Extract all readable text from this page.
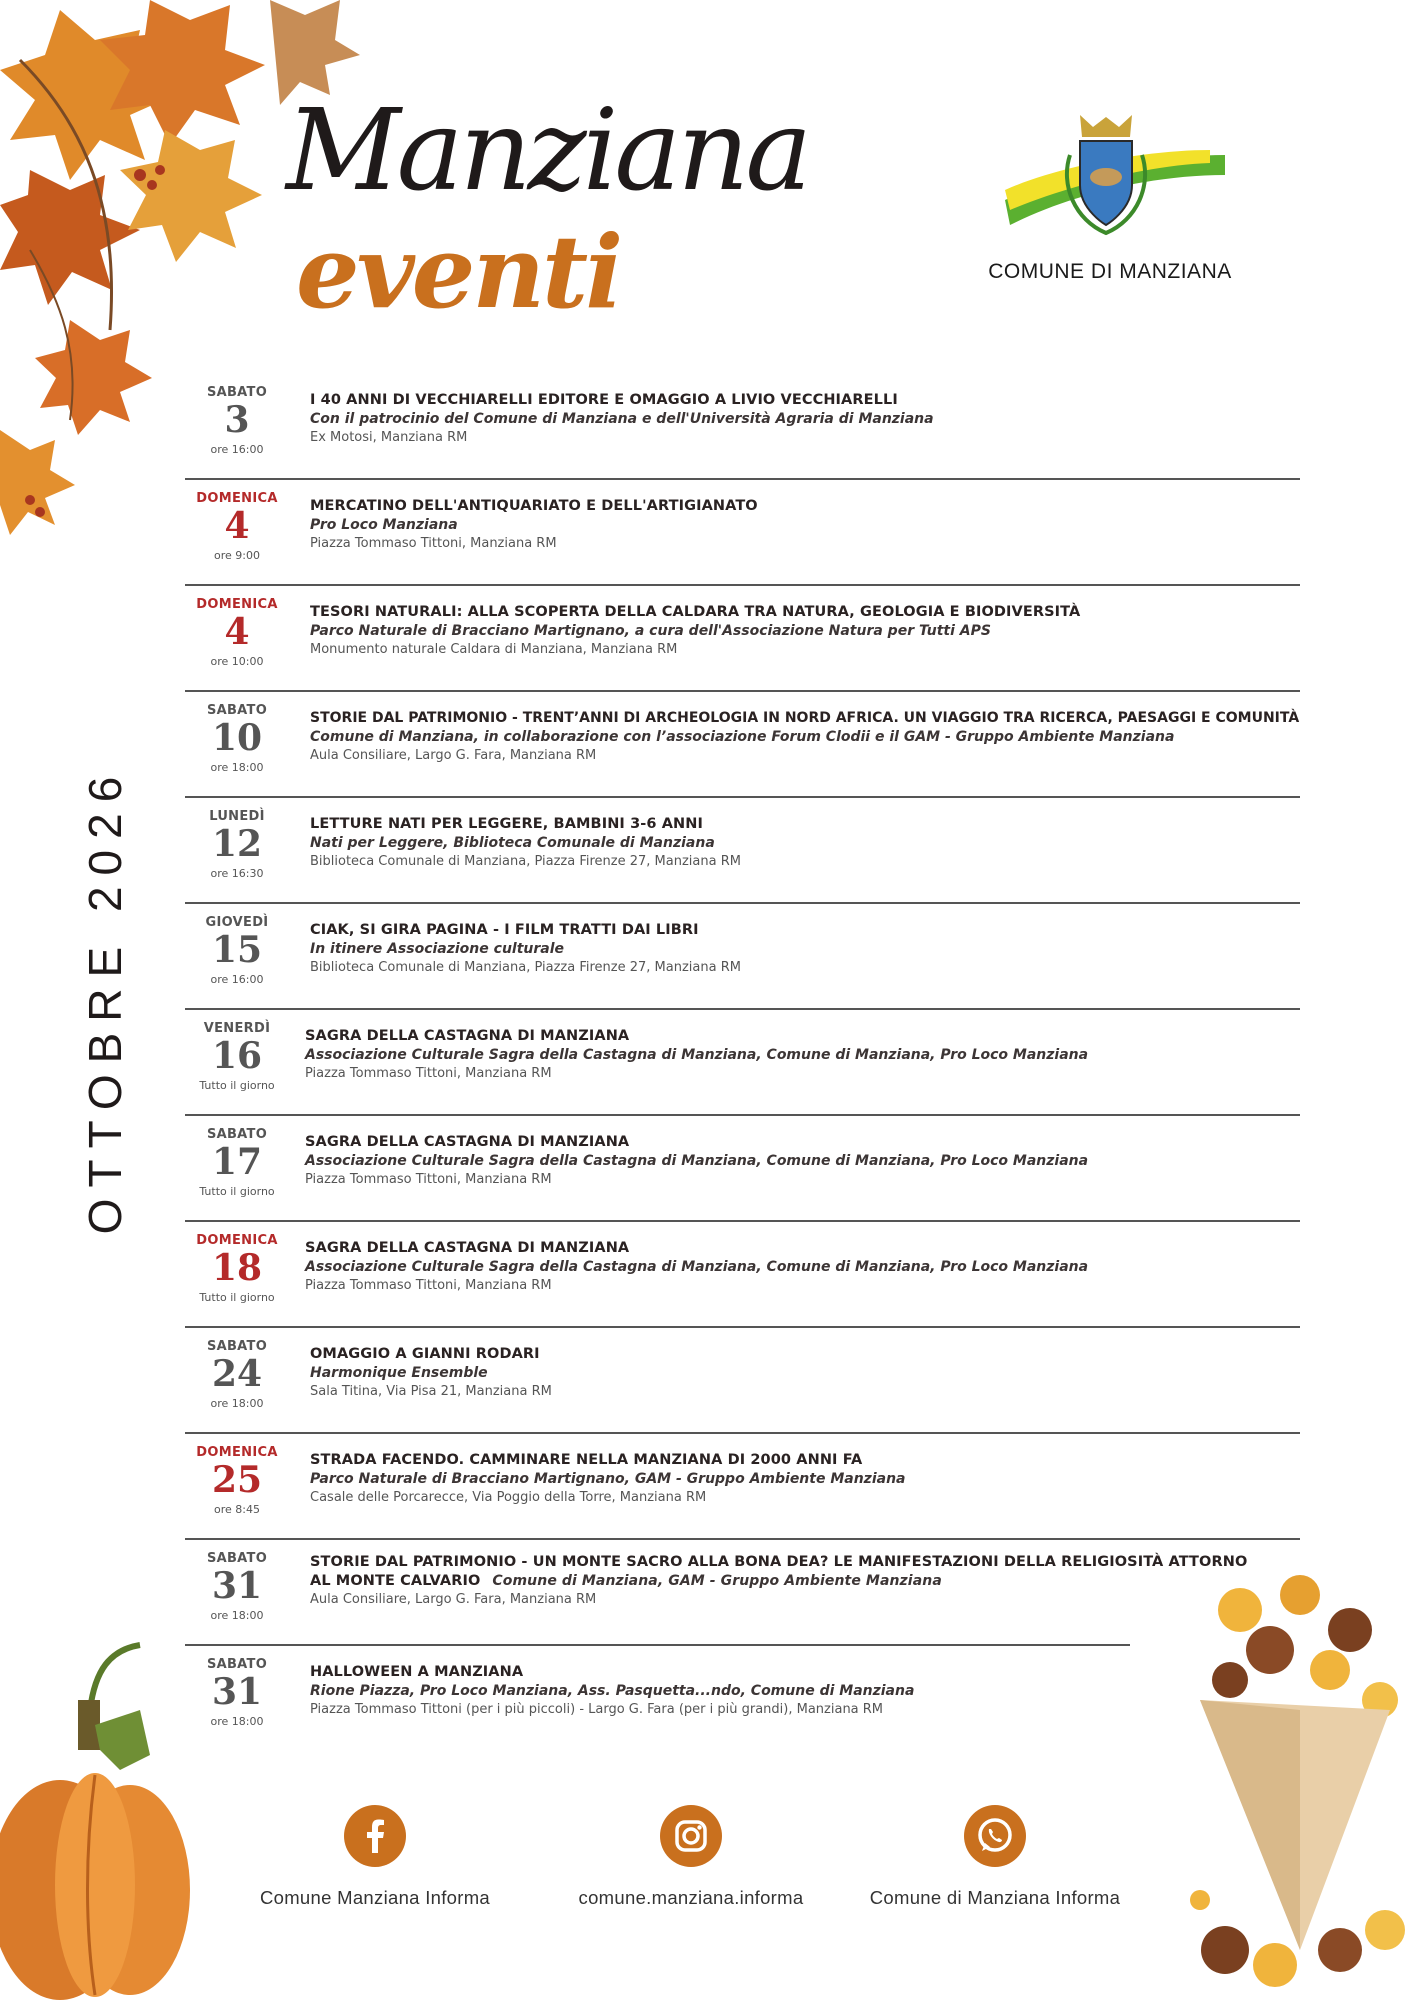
Manziana
eventi	COMUNE DI MANZIANA
OTTOBRE 2026
SABATO
3
ore 16:00
I 40 ANNI DI VECCHIARELLI EDITORE E OMAGGIO A LIVIO VECCHIARELLI
Con il patrocinio del Comune di Manziana e dell'Università Agraria di Manziana
Ex Motosi, Manziana RM
DOMENICA
4
ore 9:00
MERCATINO DELL'ANTIQUARIATO E DELL'ARTIGIANATO
Pro Loco Manziana
Piazza Tommaso Tittoni, Manziana RM
DOMENICA
4
ore 10:00
TESORI NATURALI: ALLA SCOPERTA DELLA CALDARA TRA NATURA, GEOLOGIA E BIODIVERSITÀ
Parco Naturale di Bracciano Martignano, a cura dell'Associazione Natura per Tutti APS
Monumento naturale Caldara di Manziana, Manziana RM
SABATO
10
ore 18:00
STORIE DAL PATRIMONIO - TRENT’ANNI DI ARCHEOLOGIA IN NORD AFRICA. UN VIAGGIO TRA RICERCA, PAESAGGI E COMUNITÀ
Comune di Manziana, in collaborazione con l’associazione Forum Clodii e il GAM - Gruppo Ambiente Manziana
Aula Consiliare, Largo G. Fara, Manziana RM
LUNEDÌ
12
ore 16:30
LETTURE NATI PER LEGGERE, BAMBINI 3-6 ANNI
Nati per Leggere, Biblioteca Comunale di Manziana
Biblioteca Comunale di Manziana, Piazza Firenze 27, Manziana RM
GIOVEDÌ
15
ore 16:00
CIAK, SI GIRA PAGINA - I FILM TRATTI DAI LIBRI
In itinere Associazione culturale
Biblioteca Comunale di Manziana, Piazza Firenze 27, Manziana RM
VENERDÌ
16
Tutto il giorno
SAGRA DELLA CASTAGNA DI MANZIANA
Associazione Culturale Sagra della Castagna di Manziana, Comune di Manziana, Pro Loco Manziana
Piazza Tommaso Tittoni, Manziana RM
SABATO
17
Tutto il giorno
SAGRA DELLA CASTAGNA DI MANZIANA
Associazione Culturale Sagra della Castagna di Manziana, Comune di Manziana, Pro Loco Manziana
Piazza Tommaso Tittoni, Manziana RM
DOMENICA
18
Tutto il giorno
SAGRA DELLA CASTAGNA DI MANZIANA
Associazione Culturale Sagra della Castagna di Manziana, Comune di Manziana, Pro Loco Manziana
Piazza Tommaso Tittoni, Manziana RM
SABATO
24
ore 18:00
OMAGGIO A GIANNI RODARI
Harmonique Ensemble
Sala Titina, Via Pisa 21, Manziana RM
DOMENICA
25
ore 8:45
STRADA FACENDO. CAMMINARE NELLA MANZIANA DI 2000 ANNI FA
Parco Naturale di Bracciano Martignano, GAM - Gruppo Ambiente Manziana
Casale delle Porcarecce, Via Poggio della Torre, Manziana RM
SABATO
31
ore 18:00
STORIE DAL PATRIMONIO - UN MONTE SACRO ALLA BONA DEA? LE MANIFESTAZIONI DELLA RELIGIOSITÀ ATTORNO
AL MONTE CALVARIO Comune di Manziana, GAM - Gruppo Ambiente Manziana
Aula Consiliare, Largo G. Fara, Manziana RM
SABATO
31
ore 18:00
HALLOWEEN A MANZIANA
Rione Piazza, Pro Loco Manziana, Ass. Pasquetta...ndo, Comune di Manziana
Piazza Tommaso Tittoni (per i più piccoli) - Largo G. Fara (per i più grandi), Manziana RM
Comune Manziana Informa	comune.manziana.informa	Comune di Manziana Informa
